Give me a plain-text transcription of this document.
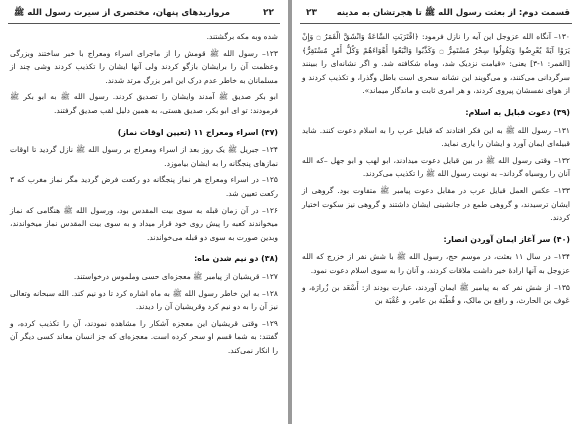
۲۲
مرواریدهای پنهان، مختصری از سیرت رسول الله ﷺ

شده وبه مکه برگشتند.

۱۲۳– رسول الله ﷺ قومش را از ماجرای اسراء ومعراج با خبر ساختند وبزرگی وعظمت آن را برایشان بازگو کردند ولی آنها ایشان را تکذیب کردند وشی چند از مسلمانان به خاطر عدم درک این امر بزرگ مرتد شدند.

ابو بکر صدیق ﷺ آمدند وایشان را تصدیق کردند. رسول الله ﷺ به ابو بکر ﷺ فرمودند: تو ای ابو بکر، صدیق هستی، به همین دلیل لقب صدیق گرفتند.

(۳۷) اسراء ومعراج ۱۱ (تعیین اوقات نماز)

۱۲۴– جبریل ﷺ یک روز بعد از اسراء ومعراج بر رسول الله ﷺ نازل گردید تا اوقات نمازهای پنجگانه را به ایشان بیاموزد.

۱۲۵– در اسراء ومعراج هر نماز پنجگانه دو رکعت فرض گردید مگر نماز مغرب که ۳ رکعت تعیین شد.

۱۲۶– در آن زمان قبله به سوی بیت المقدس بود، ورسول الله ﷺ هنگامی که نماز میخواندند کعبه را پیش روی خود قرار میداد و به سوی بیت المقدس نماز میخواندند، وبدین صورت به سوی دو قبله می‌خواندند.

(۳۸) دو نیم شدن ماه:

۱۲۷– قریشیان از پیامبر ﷺ معجزه‌ای حسی وملموس درخواستند.

۱۲۸– به این خاطر رسول الله ﷺ به ماه اشاره کرد تا دو نیم کند. الله سبحانه وتعالی نیز آن را به دو نیم کرد وقریشیان آن را دیدند.

۱۲۹– وقتی قریشیان این معجزه آشکار را مشاهده نمودند، آن را تکذیب کرده، و گفتند: به شما قسم او سحر کرده است. معجزه‌ای که جز انسان معاند کسی دیگر آن را انکار نمی‌کند.

۲۳ قسمت دوم: از بعثت رسول الله ﷺ تا هجرتشان به مدینه

۱۳۰– آنگاه الله عزوجل این آیه را نازل فرمود: ﴿اقْتَرَبَتِ السَّاعَةُ وَانْشَقَّ الْقَمَرُ ۝ وَإِنْ يَرَوْا آيَةً يُعْرِضُوا وَيَقُولُوا سِحْرٌ مُسْتَمِرٌّ ۝ وَكَذَّبُوا وَاتَّبَعُوا أَهْوَاءَهُمْ وَكُلُّ أَمْرٍ مُسْتَقِرٌّ﴾ [القمر: ۱-۳] یعنی: «قیامت نزدیک شد، وماه شکافته شد. و اگر نشانه‌ای را ببینند سرگردانی می‌کنند، و می‌گویند این نشانه سحری است باطل وگذرا، و تکذیب کردند و از هوای نفسشان پیروی کردند، و هر امری ثابت و ماندگار میماند».

(۳۹) دعوت قبایل به اسلام:

۱۳۱– رسول الله ﷺ به این فکر افتادند که قبایل عرب را به اسلام دعوت کنند. شاید قبیله‌ای ایمان آورد و ایشان را یاری نماید.

۱۳۲– وقتی رسول الله ﷺ در بین قبایل دعوت میدادند، ابو لهب و ابو جهل –که الله آنان را روسیاه گرداند– به نوبت رسول الله ﷺ را تکذیب می‌کردند.

۱۳۳– عکس العمل قبایل عرب در مقابل دعوت پیامبر ﷺ متفاوت بود. گروهی از ایشان ترسیدند، و گروهی طمع در جانشینی ایشان داشتند و گروهی نیز سکوت اختیار کردند.

(۴۰) سر آغاز ایمان آوردن انصار:

۱۳۴– در سال ۱۱ بعثت، در موسم حج، رسول الله ﷺ با شش نفر از خزرج که الله عزوجل به آنها ارادهٔ خیر داشت ملاقات کردند، و آنان را به سوی اسلام دعوت نمود.

۱۳۵– از شش نفر که به پیامبر ﷺ ایمان آوردند، عبارت بودند از: أَسْعَد بن زُرارَة، و عَوف بن الحارث، و رافِع بن مالک، و قُطْبَة بن عامر، و عُقْبَة بن
